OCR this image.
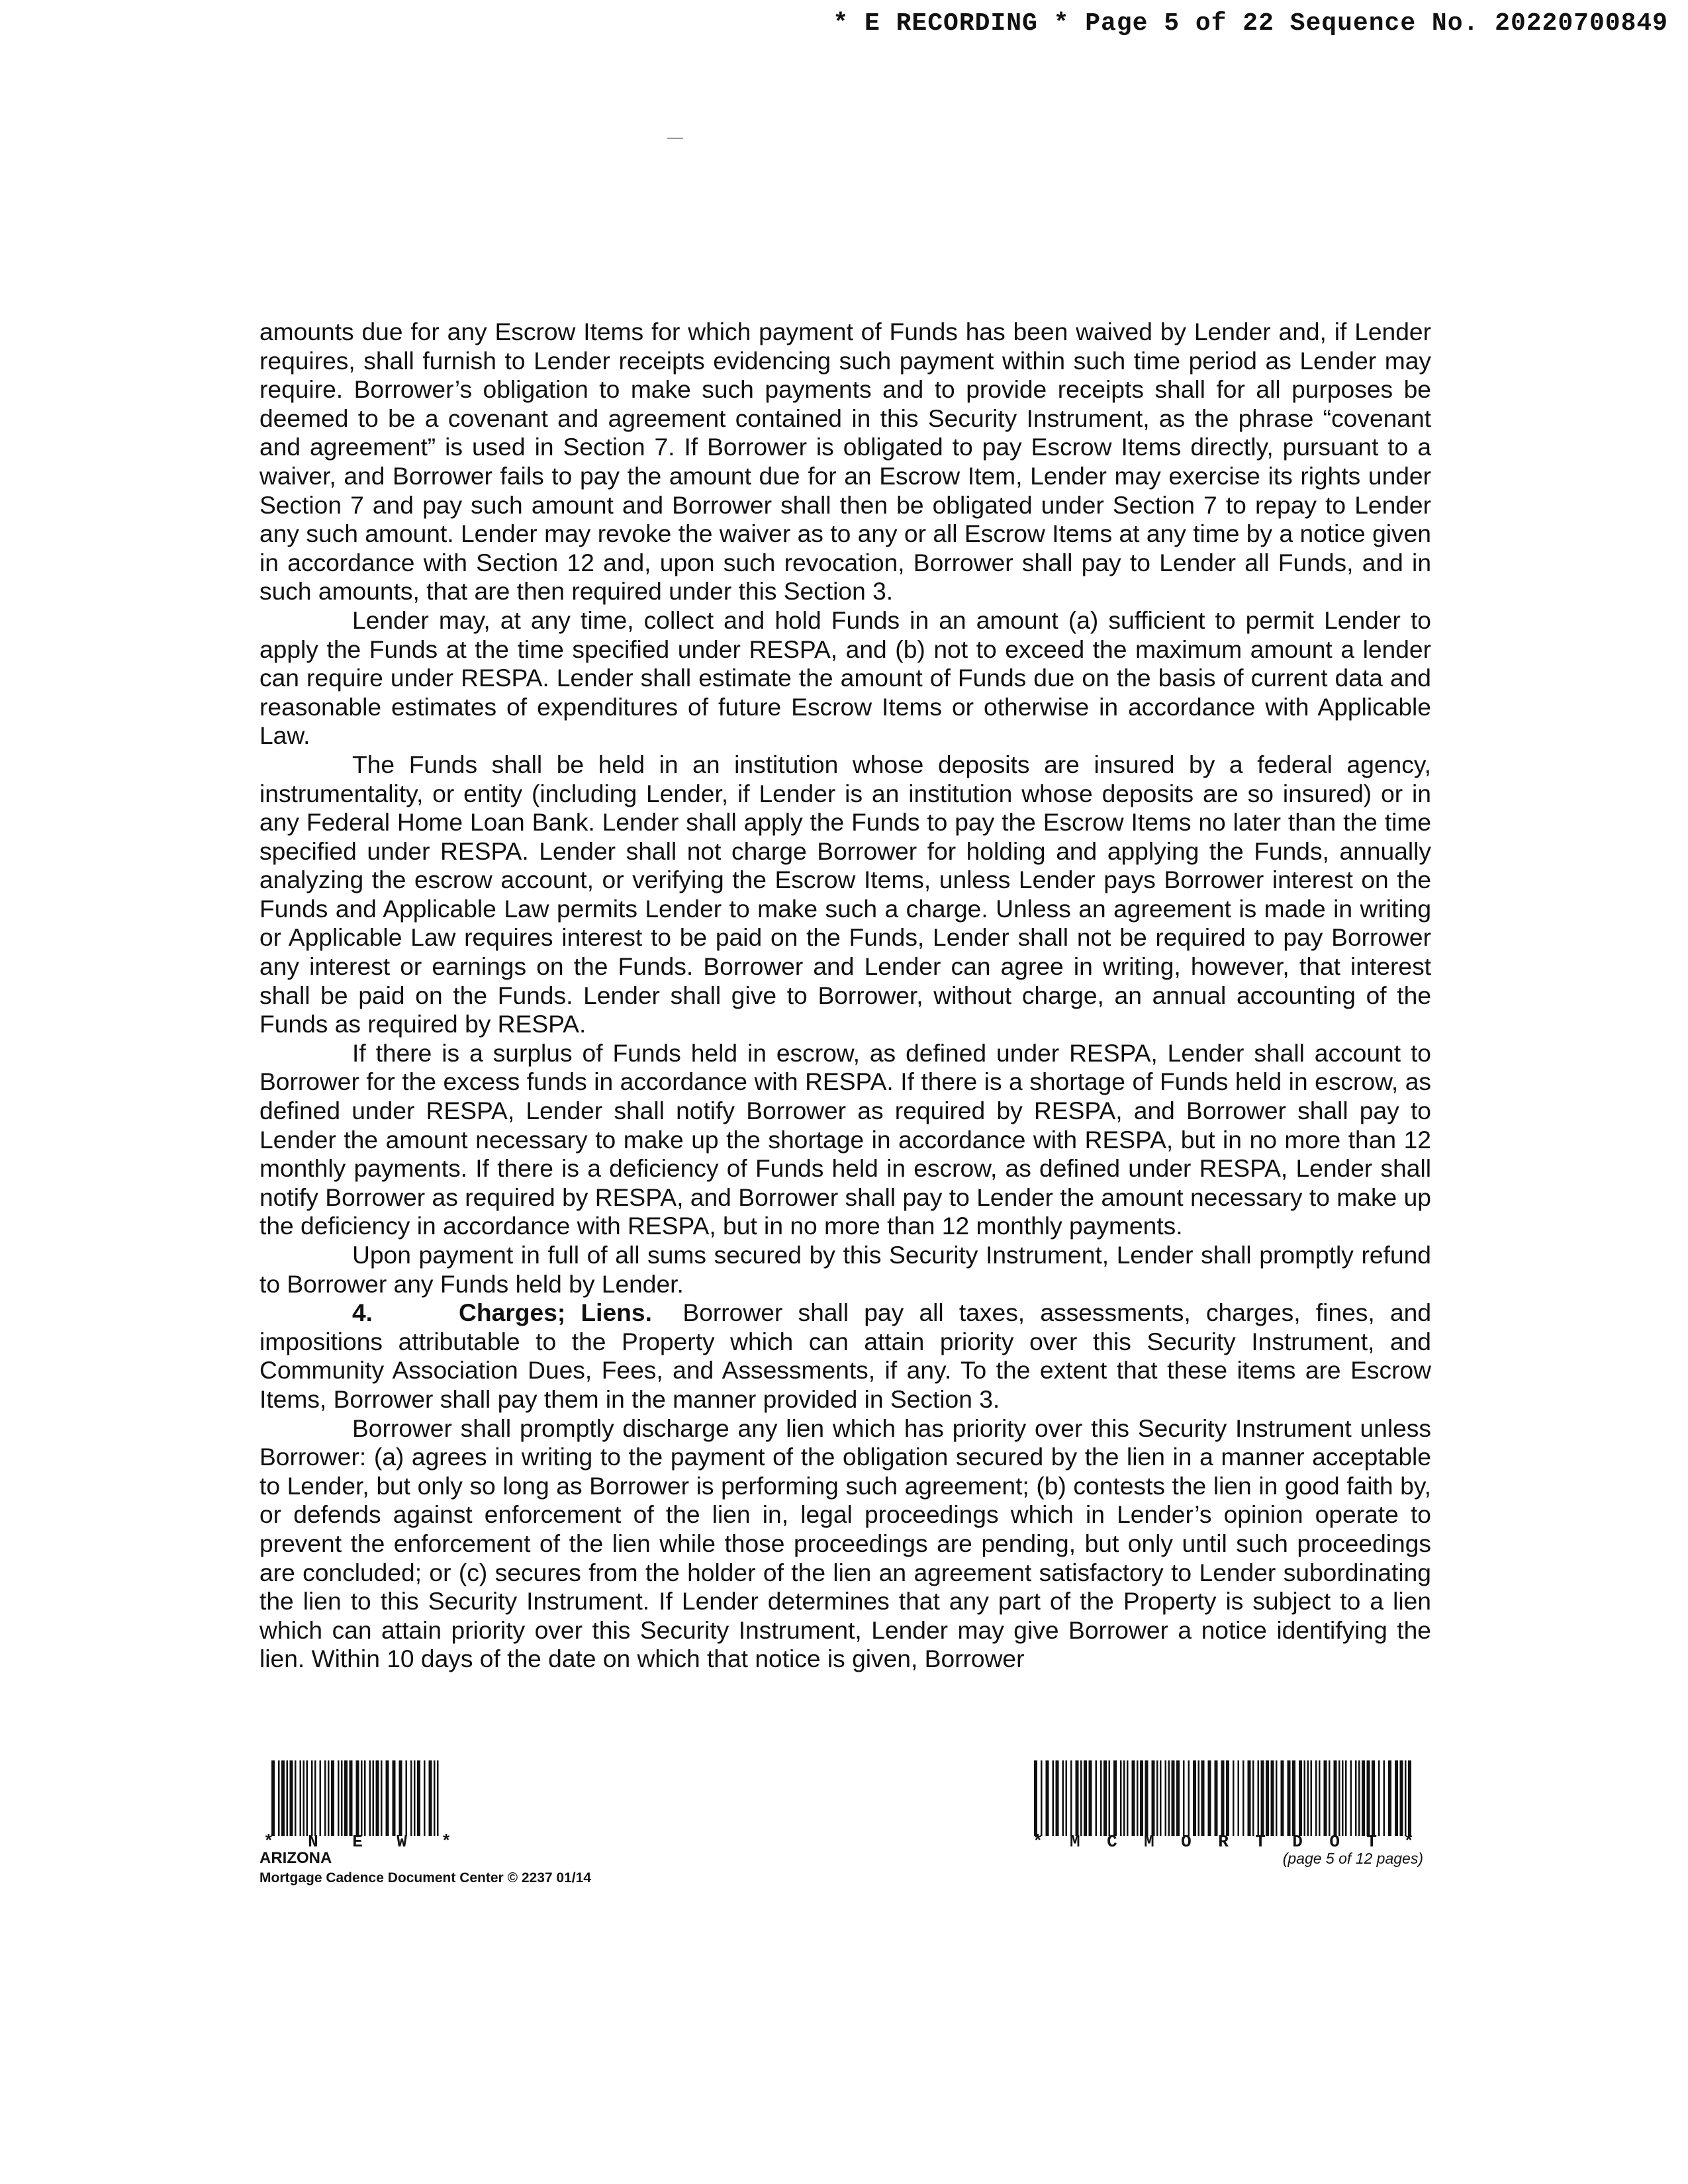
* E RECORDING * Page 5 of 22 Sequence No. 20220700849

amounts due for any Escrow Items for which payment of Funds has been waived by Lender and, if Lender requires, shall furnish to Lender receipts evidencing such payment within such time period as Lender may require. Borrower’s obligation to make such payments and to provide receipts shall for all purposes be deemed to be a covenant and agreement contained in this Security Instrument, as the phrase “covenant and agreement” is used in Section 7. If Borrower is obligated to pay Escrow Items directly, pursuant to a waiver, and Borrower fails to pay the amount due for an Escrow Item, Lender may exercise its rights under Section 7 and pay such amount and Borrower shall then be obligated under Section 7 to repay to Lender any such amount. Lender may revoke the waiver as to any or all Escrow Items at any time by a notice given in accordance with Section 12 and, upon such revocation, Borrower shall pay to Lender all Funds, and in such amounts, that are then required under this Section 3.

Lender may, at any time, collect and hold Funds in an amount (a) sufficient to permit Lender to apply the Funds at the time specified under RESPA, and (b) not to exceed the maximum amount a lender can require under RESPA. Lender shall estimate the amount of Funds due on the basis of current data and reasonable estimates of expenditures of future Escrow Items or otherwise in accordance with Applicable Law.

The Funds shall be held in an institution whose deposits are insured by a federal agency, instrumentality, or entity (including Lender, if Lender is an institution whose deposits are so insured) or in any Federal Home Loan Bank. Lender shall apply the Funds to pay the Escrow Items no later than the time specified under RESPA. Lender shall not charge Borrower for holding and applying the Funds, annually analyzing the escrow account, or verifying the Escrow Items, unless Lender pays Borrower interest on the Funds and Applicable Law permits Lender to make such a charge. Unless an agreement is made in writing or Applicable Law requires interest to be paid on the Funds, Lender shall not be required to pay Borrower any interest or earnings on the Funds. Borrower and Lender can agree in writing, however, that interest shall be paid on the Funds. Lender shall give to Borrower, without charge, an annual accounting of the Funds as required by RESPA.

If there is a surplus of Funds held in escrow, as defined under RESPA, Lender shall account to Borrower for the excess funds in accordance with RESPA. If there is a shortage of Funds held in escrow, as defined under RESPA, Lender shall notify Borrower as required by RESPA, and Borrower shall pay to Lender the amount necessary to make up the shortage in accordance with RESPA, but in no more than 12 monthly payments. If there is a deficiency of Funds held in escrow, as defined under RESPA, Lender shall notify Borrower as required by RESPA, and Borrower shall pay to Lender the amount necessary to make up the deficiency in accordance with RESPA, but in no more than 12 monthly payments.

Upon payment in full of all sums secured by this Security Instrument, Lender shall promptly refund to Borrower any Funds held by Lender.

4.	Charges; Liens. Borrower shall pay all taxes, assessments, charges, fines, and impositions attributable to the Property which can attain priority over this Security Instrument, and Community Association Dues, Fees, and Assessments, if any. To the extent that these items are Escrow Items, Borrower shall pay them in the manner provided in Section 3.

Borrower shall promptly discharge any lien which has priority over this Security Instrument unless Borrower: (a) agrees in writing to the payment of the obligation secured by the lien in a manner acceptable to Lender, but only so long as Borrower is performing such agreement; (b) contests the lien in good faith by, or defends against enforcement of the lien in, legal proceedings which in Lender’s opinion operate to prevent the enforcement of the lien while those proceedings are pending, but only until such proceedings are concluded; or (c) secures from the holder of the lien an agreement satisfactory to Lender subordinating the lien to this Security Instrument. If Lender determines that any part of the Property is subject to a lien which can attain priority over this Security Instrument, Lender may give Borrower a notice identifying the lien. Within 10 days of the date on which that notice is given, Borrower

* N E W *	* M C M O R T D O T *
ARIZONA
Mortgage Cadence Document Center © 2237 01/14
(page 5 of 12 pages)
